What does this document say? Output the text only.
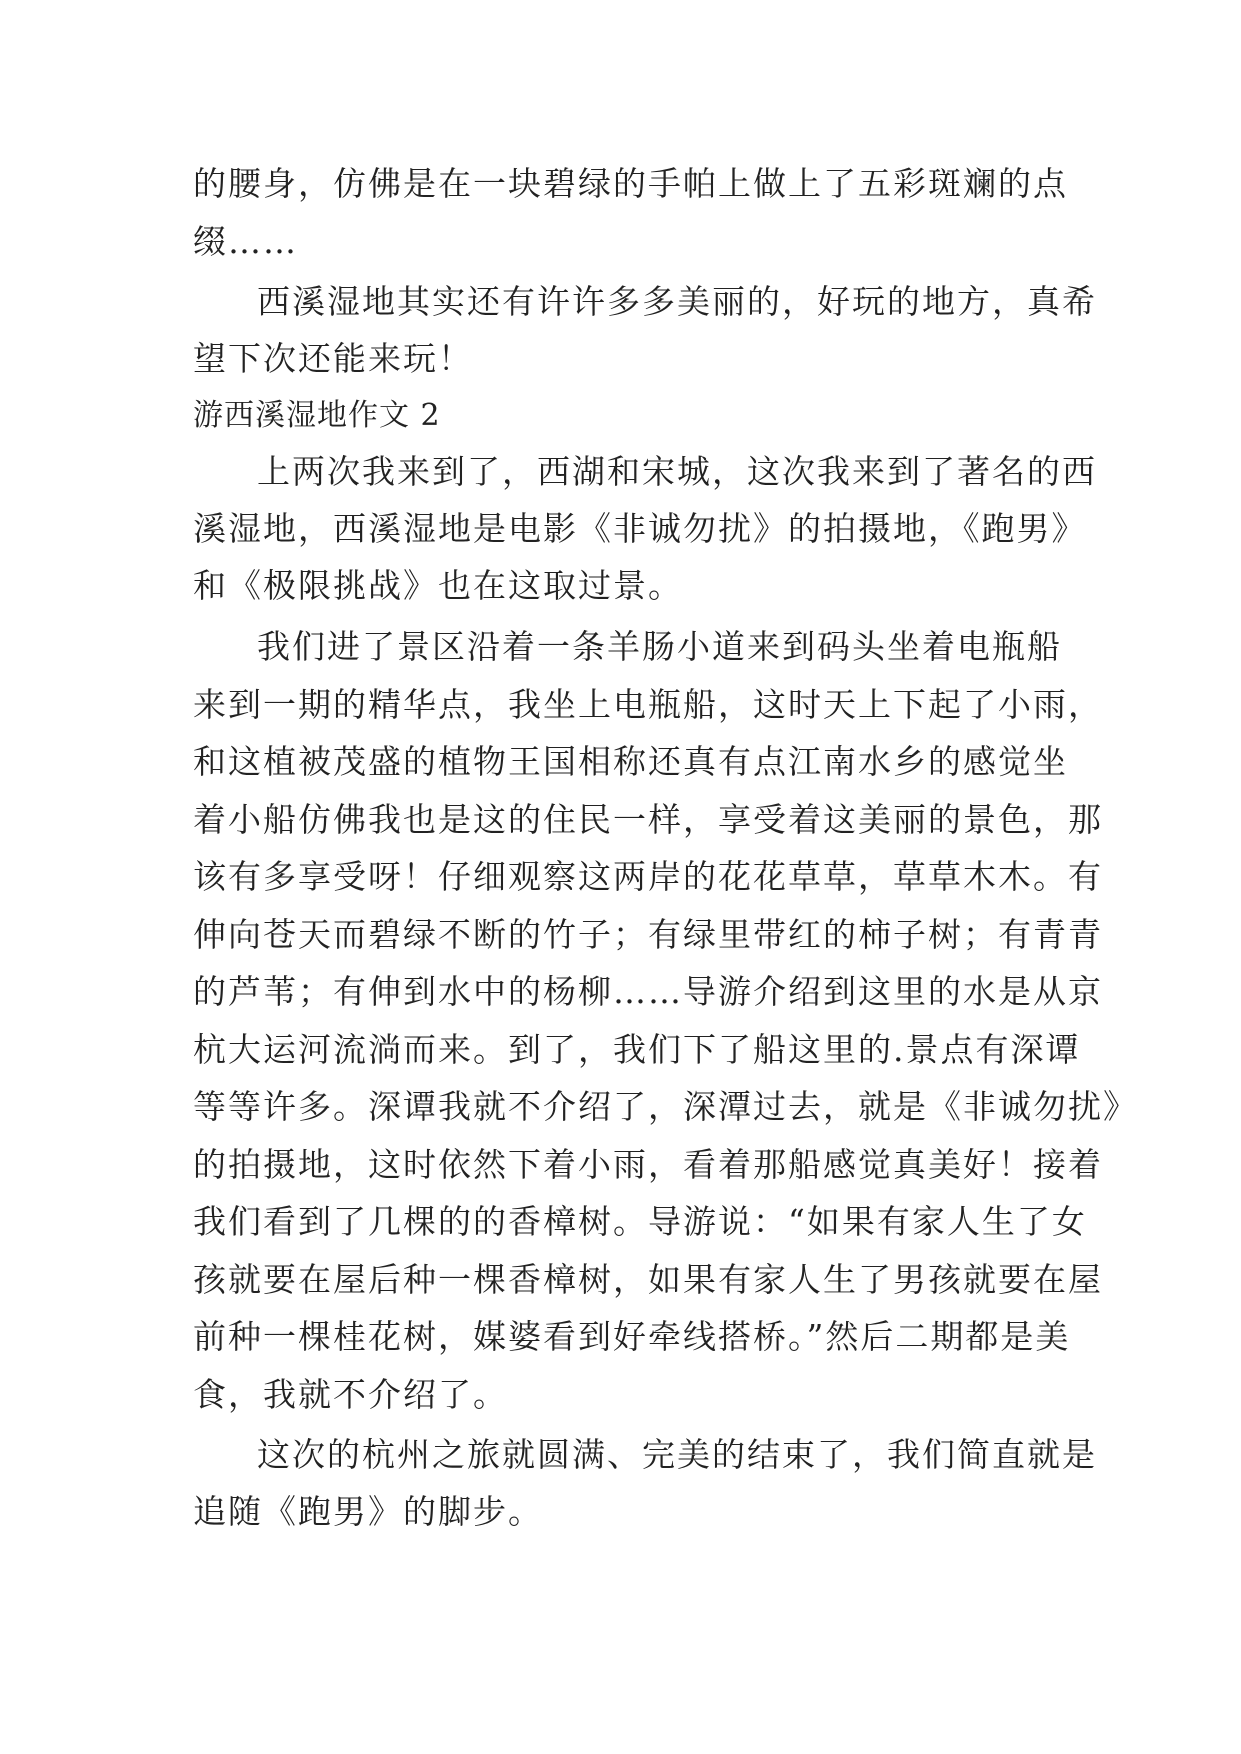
的腰身，仿佛是在一块碧绿的手帕上做上了五彩斑斓的点
缀……
西溪湿地其实还有许许多多美丽的，好玩的地方，真希
望下次还能来玩！
游西溪湿地作文 2
上两次我来到了，西湖和宋城，这次我来到了著名的西
溪湿地，西溪湿地是电影《非诚勿扰》的拍摄地，《跑男》
和《极限挑战》也在这取过景。
我们进了景区沿着一条羊肠小道来到码头坐着电瓶船
来到一期的精华点，我坐上电瓶船，这时天上下起了小雨，
和这植被茂盛的植物王国相称还真有点江南水乡的感觉坐
着小船仿佛我也是这的住民一样，享受着这美丽的景色，那
该有多享受呀！仔细观察这两岸的花花草草，草草木木。有
伸向苍天而碧绿不断的竹子；有绿里带红的柿子树；有青青
的芦苇；有伸到水中的杨柳……导游介绍到这里的水是从京
杭大运河流淌而来。到了，我们下了船这里的.景点有深谭
等等许多。深谭我就不介绍了，深潭过去，就是《非诚勿扰》
的拍摄地，这时依然下着小雨，看着那船感觉真美好！接着
我们看到了几棵的的香樟树。导游说：“如果有家人生了女
孩就要在屋后种一棵香樟树，如果有家人生了男孩就要在屋
前种一棵桂花树，媒婆看到好牵线搭桥。”然后二期都是美
食，我就不介绍了。
这次的杭州之旅就圆满、完美的结束了，我们简直就是
追随《跑男》的脚步。
